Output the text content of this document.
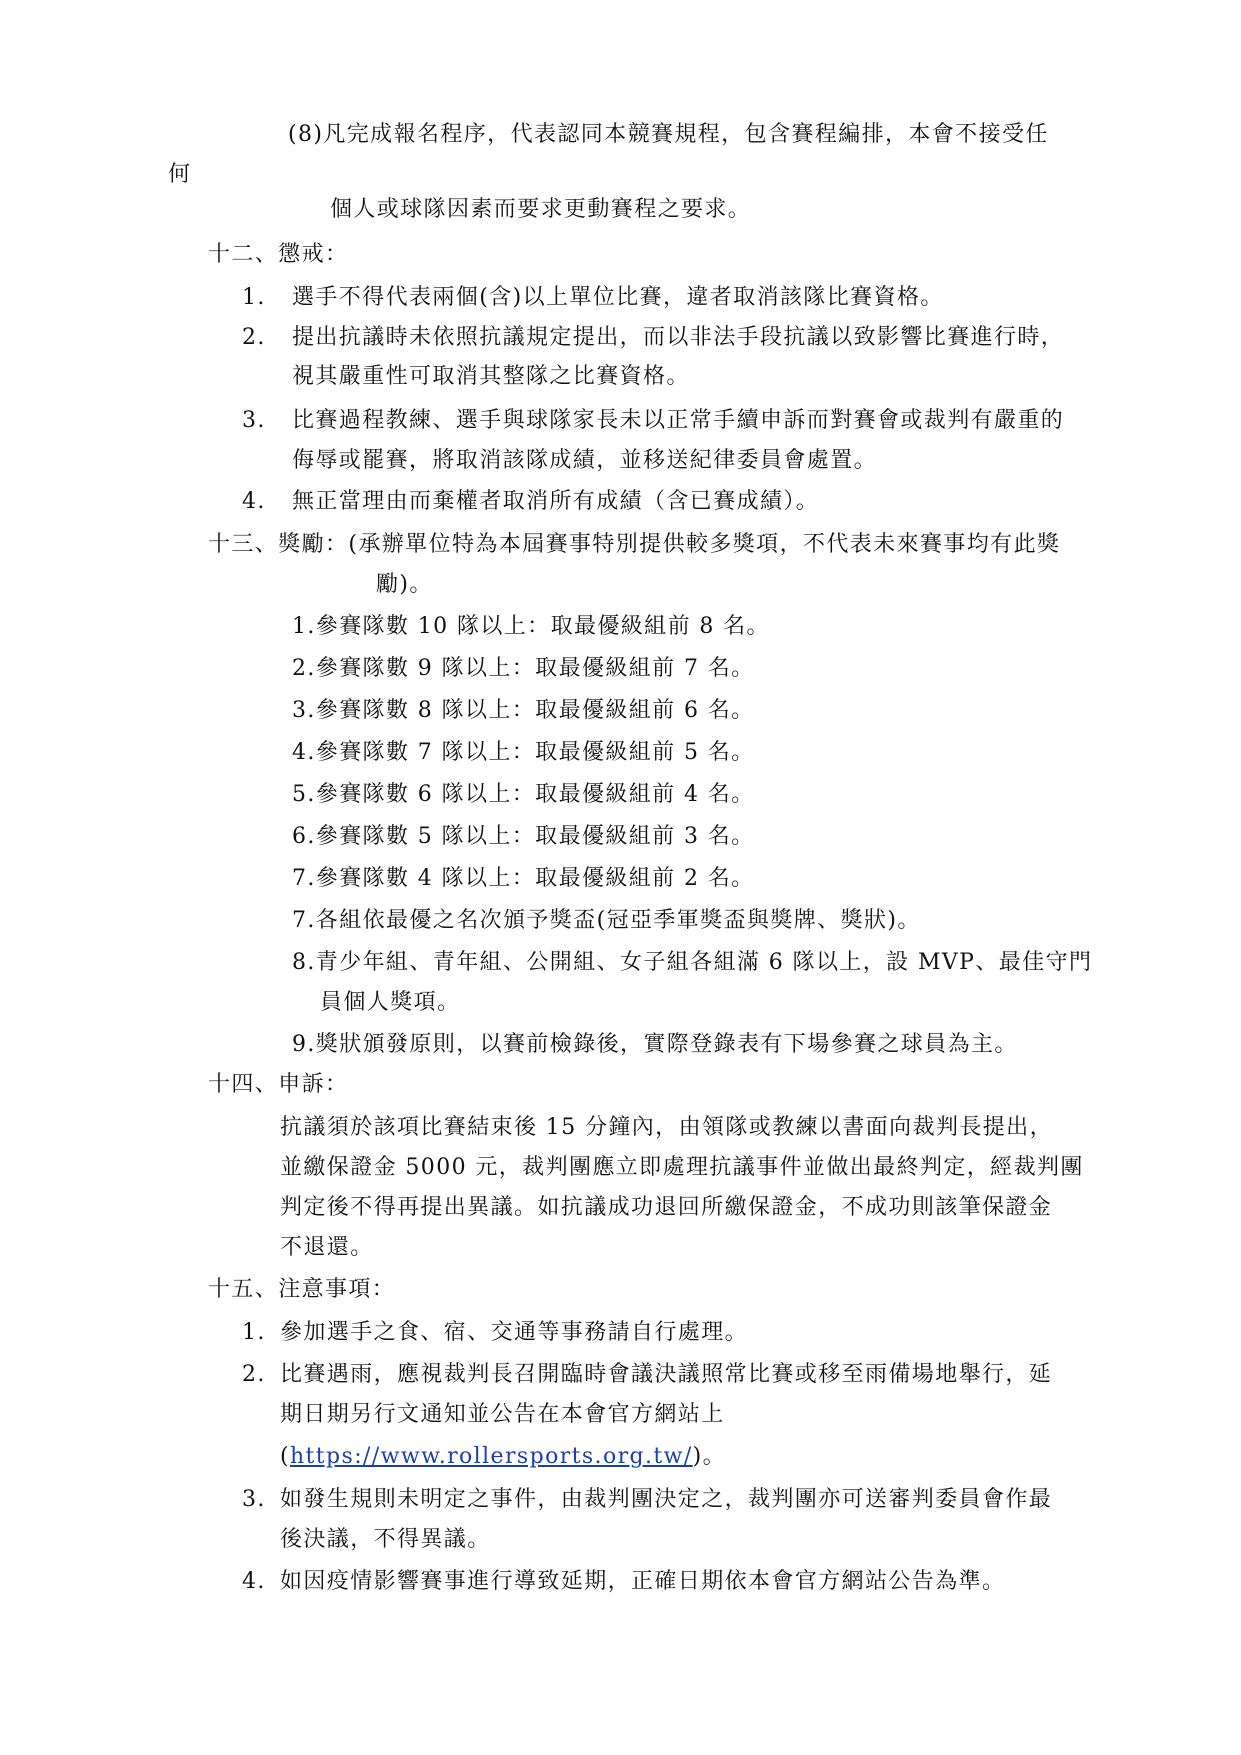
(8)凡完成報名程序，代表認同本競賽規程，包含賽程編排，本會不接受任
何
個人或球隊因素而要求更動賽程之要求。
十二、懲戒：
1. 選手不得代表兩個(含)以上單位比賽，違者取消該隊比賽資格。
2. 提出抗議時未依照抗議規定提出，而以非法手段抗議以致影響比賽進行時，
視其嚴重性可取消其整隊之比賽資格。
3. 比賽過程教練、選手與球隊家長未以正常手續申訴而對賽會或裁判有嚴重的
侮辱或罷賽，將取消該隊成績，並移送紀律委員會處置。
4. 無正當理由而棄權者取消所有成績（含已賽成績）。
十三、獎勵：(承辦單位特為本屆賽事特別提供較多獎項，不代表未來賽事均有此獎
勵)。
1.參賽隊數 10 隊以上：取最優級組前 8 名。
2.參賽隊數 9 隊以上：取最優級組前 7 名。
3.參賽隊數 8 隊以上：取最優級組前 6 名。
4.參賽隊數 7 隊以上：取最優級組前 5 名。
5.參賽隊數 6 隊以上：取最優級組前 4 名。
6.參賽隊數 5 隊以上：取最優級組前 3 名。
7.參賽隊數 4 隊以上：取最優級組前 2 名。
7.各組依最優之名次頒予獎盃(冠亞季軍獎盃與獎牌、獎狀)。
8.青少年組、青年組、公開組、女子組各組滿 6 隊以上，設 MVP、最佳守門
員個人獎項。
9.獎狀頒發原則，以賽前檢錄後，實際登錄表有下場參賽之球員為主。
十四、申訴：
抗議須於該項比賽結束後 15 分鐘內，由領隊或教練以書面向裁判長提出，
並繳保證金 5000 元，裁判團應立即處理抗議事件並做出最終判定，經裁判團
判定後不得再提出異議。如抗議成功退回所繳保證金，不成功則該筆保證金
不退還。
十五、注意事項：
1. 參加選手之食、宿、交通等事務請自行處理。
2. 比賽遇雨，應視裁判長召開臨時會議決議照常比賽或移至雨備場地舉行，延
期日期另行文通知並公告在本會官方網站上
(https://www.rollersports.org.tw/)。
3. 如發生規則未明定之事件，由裁判團決定之，裁判團亦可送審判委員會作最
後決議，不得異議。
4. 如因疫情影響賽事進行導致延期，正確日期依本會官方網站公告為準。
